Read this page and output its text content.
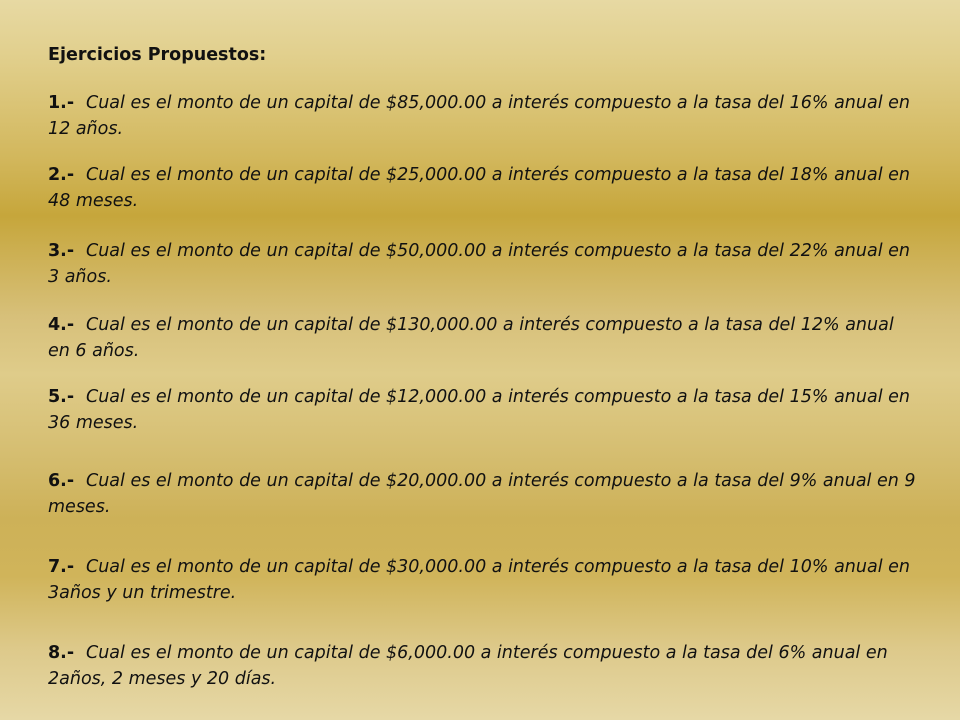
Ejercicios Propuestos:

1.- Cual es el monto de un capital de $85,000.00 a interés compuesto a la tasa del 16% anual en 12 años.

2.- Cual es el monto de un capital de $25,000.00 a interés compuesto a la tasa del 18% anual en 48 meses.

3.- Cual es el monto de un capital de $50,000.00 a interés compuesto a la tasa del 22% anual en 3 años.

4.- Cual es el monto de un capital de $130,000.00 a interés compuesto a la tasa del 12% anual en 6 años.

5.- Cual es el monto de un capital de $12,000.00 a interés compuesto a la tasa del 15% anual en 36 meses.

6.- Cual es el monto de un capital de $20,000.00 a interés compuesto a la tasa del 9% anual en 9 meses.

7.- Cual es el monto de un capital de $30,000.00 a interés compuesto a la tasa del 10% anual en 3años y un trimestre.

8.- Cual es el monto de un capital de $6,000.00 a interés compuesto a la tasa del 6% anual en 2años, 2 meses y 20 días.
